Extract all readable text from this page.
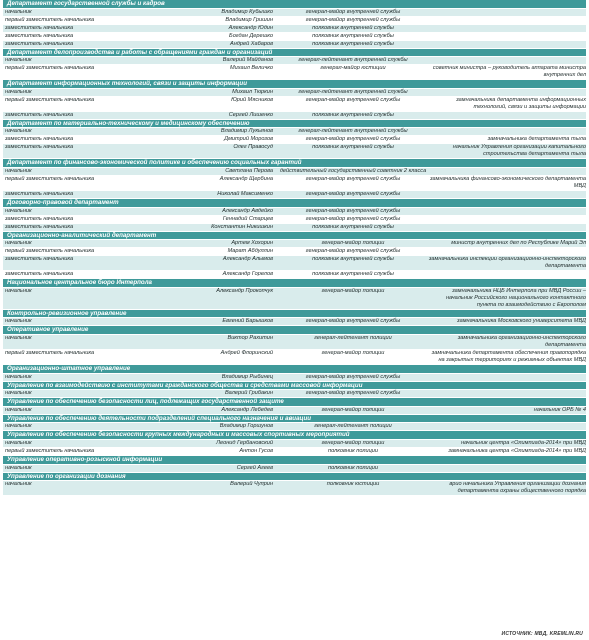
Департамент государственной службы и кадров
начальник	Владимир Кубышко	генерал-майор внутренней службы
первый заместитель начальника	Владимир Гришин	генерал-майор внутренней службы
заместитель начальника	Александр Юдин	полковник внутренней службы
заместитель начальника	Богдан Дерешко	полковник внутренней службы
заместитель начальника	Андрей Хабаров	полковник внутренней службы
Департамент делопроизводства и работы с обращениями граждан и организаций
начальник	Валерий Майданов	генерал-лейтенант внутренней службы
первый заместитель начальника	Михаил Величко	генерал-майор юстиции	советник министра – руководитель аппарата министра внутренних дел
Департамент информационных технологий, связи и защиты информации
начальник	Михаил Тюркин	генерал-лейтенант внутренней службы
первый заместитель начальника	Юрий Мясников	генерал-майор внутренней службы	замначальника департамента информационных технологий, связи и защиты информации
заместитель начальника	Сергей Лишенко	полковник внутренней службы
Департамент по материально-техническому и медицинскому обеспечению
начальник	Владимир Лукьянов	генерал-лейтенант внутренней службы
заместитель начальника	Дмитрий Морозов	генерал-майор внутренней службы	замначальника департамента тыла
заместитель начальника	Олег Правосуд	полковник внутренней службы	начальник Управления организации капитального строительства департамента тыла
Департамент по финансово-экономической политике и обеспечению социальных гарантий
начальник	Светлана Перова	действительный государственный советник 2 класса
первый заместитель начальника	Александр Щербина	генерал-майор внутренней службы	замначальника финансово-экономического департамента МВД
заместитель начальника	Николай Максименко	генерал-майор внутренней службы
Договорно-правовой департамент
начальник	Александр Авдейко	генерал-майор внутренней службы
заместитель начальника	Геннадий Старцев	генерал-майор внутренней службы
заместитель начальника	Константин Никишкин	полковник внутренней службы
Организационно-аналитический департамент
начальник	Артем Хохорин	генерал-майор полиции	министр внутренних дел по Республике Марий Эл
первый заместитель начальника	Марат Абдуллин	генерал-майор внутренней службы
заместитель начальника	Александр Алымов	полковник внутренней службы	замначальника инспекции организационно-инспекторского департамента
заместитель начальника	Александр Горелов	полковник внутренней службы
Национальное центральное бюро Интерпола
начальник	Александр Прокопчук	генерал-майор полиции	замначальника НЦБ Интерпола при МВД России – начальник Российского национального контактного пункта по взаимодействию с Европолом
Контрольно-ревизионное управление
начальник	Евгений Барышков	генерал-майор внутренней службы	замначальника Московского университета МВД
Оперативное управление
начальник	Виктор Рахитин	генерал-лейтенант полиции	замначальника организационно-инспекторского департамента
первый заместитель начальника	Андрей Флоринский	генерал-майор полиции	замначальника департамента обеспечения правопорядка на закрытых территориях и режимных объектах МВД
Организационно-штатное управление
начальник	Владимир Рыбинец	генерал-майор внутренней службы
Управление по взаимодействию с институтами гражданского общества и средствами массовой информации
начальник	Валерий Грибакин	генерал-майор внутренней службы
Управление по обеспечению безопасности лиц, подлежащих государственной защите
начальник	Александр Лебедев	генерал-майор полиции	начальник ОРБ № 4
Управление по обеспечению деятельности подразделений специального назначения и авиации
начальник	Владимир Горшунов	генерал-лейтенант полиции
Управление по обеспечению безопасности крупных международных и массовых спортивных мероприятий
начальник	Леонид Гербановский	генерал-майор полиции	начальник центра «Олимпиада-2014» при МВД
первый заместитель начальника	Антон Гусов	полковник полиции	замначальника центра «Олимпиада-2014» при МВД
Управление оперативно-розыскной информации
начальник	Сергей Агеев	полковник полиции
Управление по организации дознания
начальник	Валерий Чуприн	полковник юстиции	врио начальника Управления организации дознания департамента охраны общественного порядка
ИСТОЧНИК: МВД, KREMLIN.RU
